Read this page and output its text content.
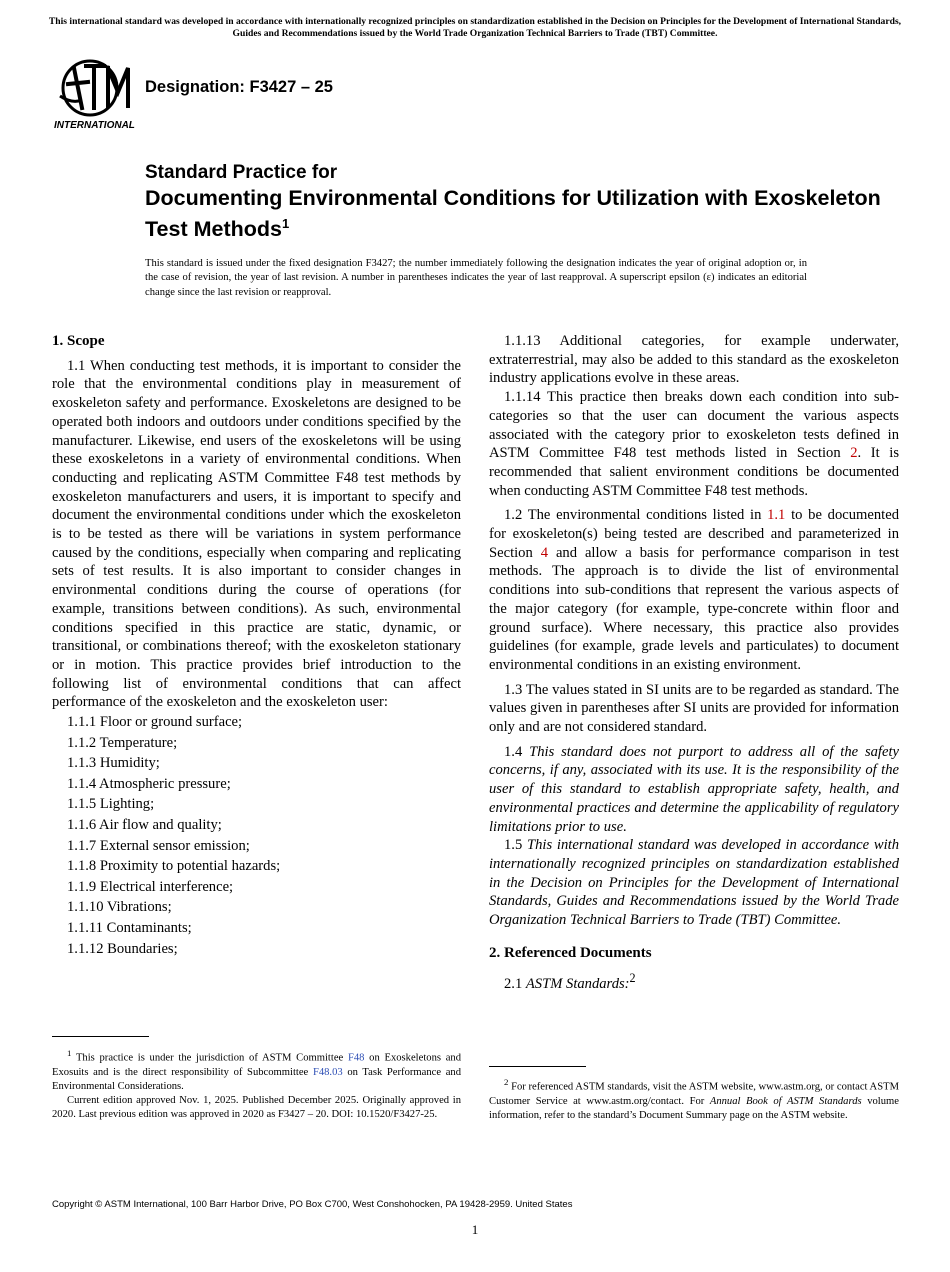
This international standard was developed in accordance with internationally recognized principles on standardization established in the Decision on Principles for the Development of International Standards, Guides and Recommendations issued by the World Trade Organization Technical Barriers to Trade (TBT) Committee.
INTERNATIONAL
Designation: F3427 – 25
Standard Practice for
Documenting Environmental Conditions for Utilization with Exoskeleton Test Methods$^1$
This standard is issued under the fixed designation F3427; the number immediately following the designation indicates the year of original adoption or, in the case of revision, the year of last revision. A number in parentheses indicates the year of last reapproval. A superscript epsilon (ε) indicates an editorial change since the last revision or reapproval.
1. Scope

1.1 When conducting test methods, it is important to consider the role that the environmental conditions play in measurement of exoskeleton safety and performance. Exoskeletons are designed to be operated both indoors and outdoors under conditions specified by the manufacturer. Likewise, end users of the exoskeletons will be using these exoskeletons in a variety of environmental conditions. When conducting and replicating ASTM Committee F48 test methods by exoskeleton manufacturers and users, it is important to specify and document the environmental conditions under which the exoskeleton is to be tested as there will be variations in system performance caused by the conditions, especially when comparing and replicating sets of test results. It is also important to consider changes in environmental conditions during the course of operations (for example, transitions between conditions). As such, environmental conditions specified in this practice are static, dynamic, or transitional, or combinations thereof; with the exoskeleton stationary or in motion. This practice provides brief introduction to the following list of environmental conditions that can affect performance of the exoskeleton and the exoskeleton user:

1.1.1 Floor or ground surface;
1.1.2 Temperature;
1.1.3 Humidity;
1.1.4 Atmospheric pressure;
1.1.5 Lighting;
1.1.6 Air flow and quality;
1.1.7 External sensor emission;
1.1.8 Proximity to potential hazards;
1.1.9 Electrical interference;
1.1.10 Vibrations;
1.1.11 Contaminants;
1.1.12 Boundaries;

1.1.13 Additional categories, for example underwater, extraterrestrial, may also be added to this standard as the exoskeleton industry applications evolve in these areas.

1.1.14 This practice then breaks down each condition into sub-categories so that the user can document the various aspects associated with the category prior to exoskeleton tests defined in ASTM Committee F48 test methods listed in Section 2. It is recommended that salient environment conditions be documented when conducting ASTM Committee F48 test methods.

1.2 The environmental conditions listed in 1.1 to be documented for exoskeleton(s) being tested are described and parameterized in Section 4 and allow a basis for performance comparison in test methods. The approach is to divide the list of environmental conditions into sub-conditions that represent the various aspects of the major category (for example, type-concrete within floor and ground surface). Where necessary, this practice also provides guidelines (for example, grade levels and particulates) to document environmental conditions in an existing environment.

1.3 The values stated in SI units are to be regarded as standard. The values given in parentheses after SI units are provided for information only and are not considered standard.

1.4 This standard does not purport to address all of the safety concerns, if any, associated with its use. It is the responsibility of the user of this standard to establish appropriate safety, health, and environmental practices and determine the applicability of regulatory limitations prior to use.

1.5 This international standard was developed in accordance with internationally recognized principles on standardization established in the Decision on Principles for the Development of International Standards, Guides and Recommendations issued by the World Trade Organization Technical Barriers to Trade (TBT) Committee.

2. Referenced Documents

2.1 ASTM Standards:$^2$

$^1$ This practice is under the jurisdiction of ASTM Committee F48 on Exoskeletons and Exosuits and is the direct responsibility of Subcommittee F48.03 on Task Performance and Environmental Considerations.

Current edition approved Nov. 1, 2025. Published December 2025. Originally approved in 2020. Last previous edition was approved in 2020 as F3427 – 20. DOI: 10.1520/F3427-25.

$^2$ For referenced ASTM standards, visit the ASTM website, www.astm.org, or contact ASTM Customer Service at www.astm.org/contact. For Annual Book of ASTM Standards volume information, refer to the standard’s Document Summary page on the ASTM website.

Copyright © ASTM International, 100 Barr Harbor Drive, PO Box C700, West Conshohocken, PA 19428-2959. United States
1
